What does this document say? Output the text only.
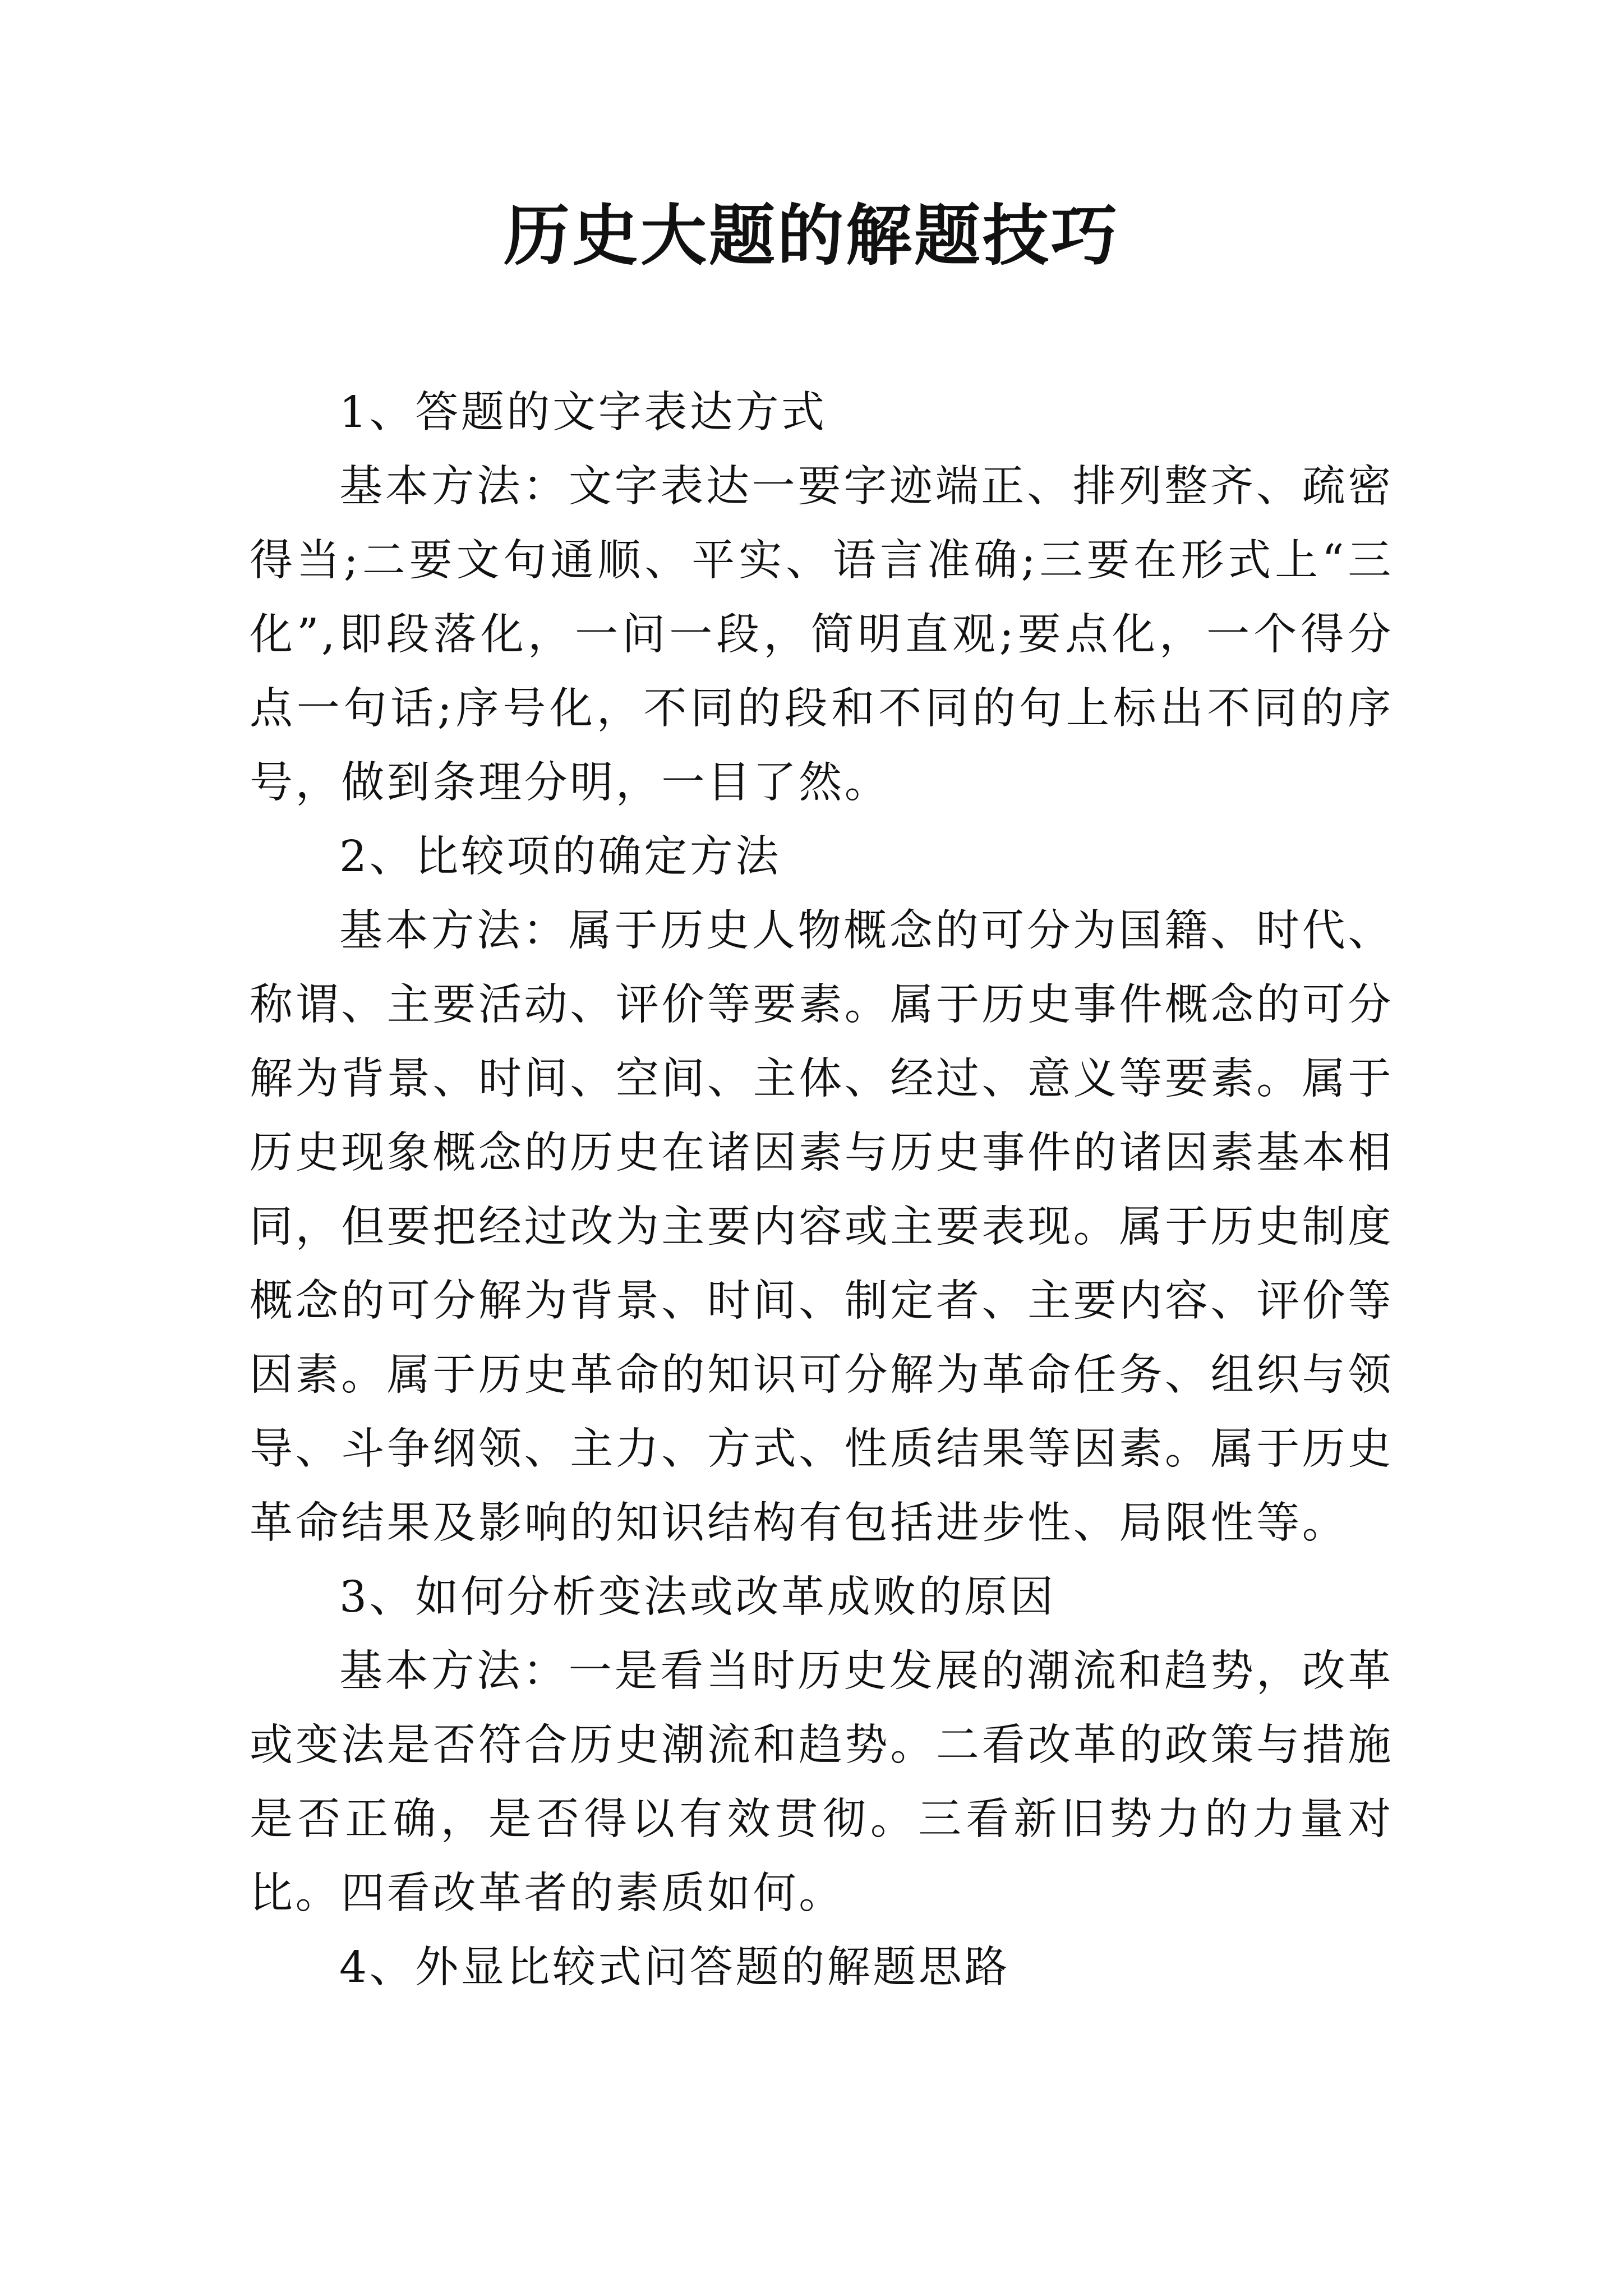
历史大题的解题技巧

1、答题的文字表达方式

基本方法：文字表达一要字迹端正、排列整齐、疏密得当;二要文句通顺、平实、语言准确;三要在形式上“三化”,即段落化，一问一段，简明直观;要点化，一个得分点一句话;序号化，不同的段和不同的句上标出不同的序号，做到条理分明，一目了然。

2、比较项的确定方法

基本方法：属于历史人物概念的可分为国籍、时代、称谓、主要活动、评价等要素。属于历史事件概念的可分解为背景、时间、空间、主体、经过、意义等要素。属于历史现象概念的历史在诸因素与历史事件的诸因素基本相同，但要把经过改为主要内容或主要表现。属于历史制度概念的可分解为背景、时间、制定者、主要内容、评价等因素。属于历史革命的知识可分解为革命任务、组织与领导、斗争纲领、主力、方式、性质结果等因素。属于历史革命结果及影响的知识结构有包括进步性、局限性等。

3、如何分析变法或改革成败的原因

基本方法：一是看当时历史发展的潮流和趋势，改革或变法是否符合历史潮流和趋势。二看改革的政策与措施是否正确，是否得以有效贯彻。三看新旧势力的力量对比。四看改革者的素质如何。

4、外显比较式问答题的解题思路
